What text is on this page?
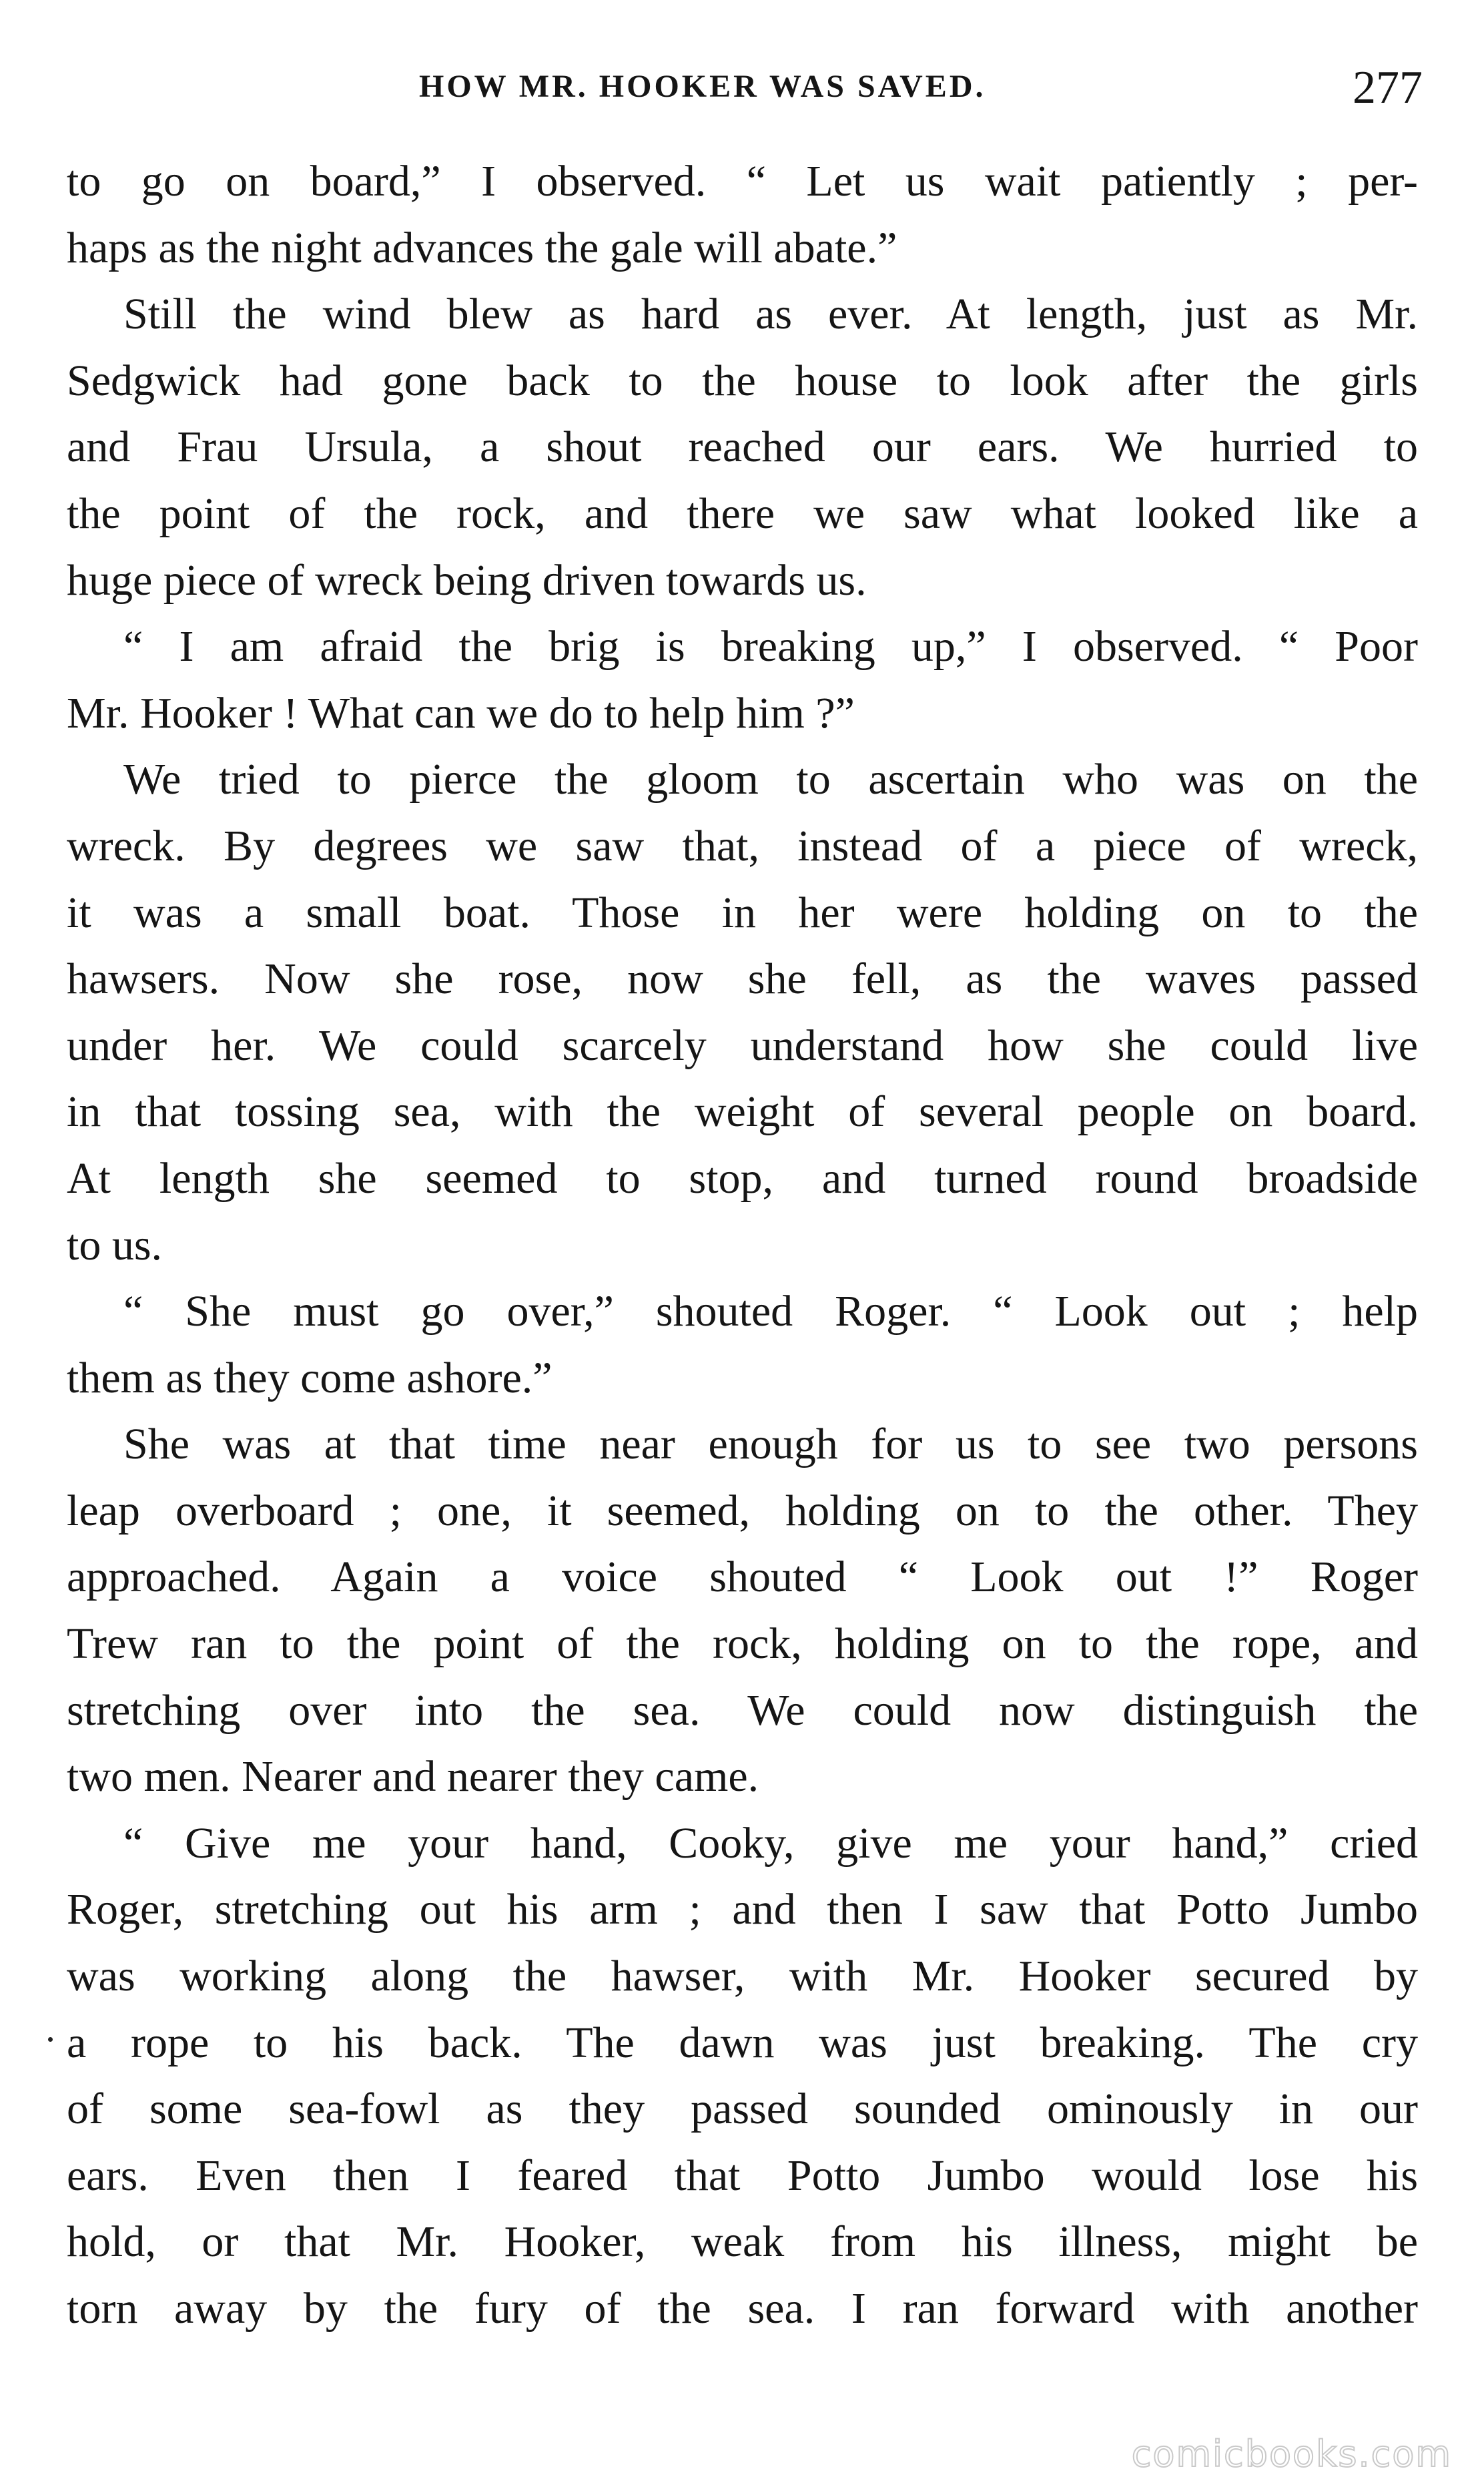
HOW MR. HOOKER WAS SAVED.	277
to go on board,” I observed. “ Let us wait patiently ; per-
haps as the night advances the gale will abate.”
Still the wind blew as hard as ever. At length, just as Mr.
Sedgwick had gone back to the house to look after the girls
and Frau Ursula, a shout reached our ears. We hurried to
the point of the rock, and there we saw what looked like a
huge piece of wreck being driven towards us.
“ I am afraid the brig is breaking up,” I observed. “ Poor
Mr. Hooker ! What can we do to help him ?”
We tried to pierce the gloom to ascertain who was on the
wreck. By degrees we saw that, instead of a piece of wreck,
it was a small boat. Those in her were holding on to the
hawsers. Now she rose, now she fell, as the waves passed
under her. We could scarcely understand how she could live
in that tossing sea, with the weight of several people on board.
At length she seemed to stop, and turned round broadside
to us.
“ She must go over,” shouted Roger. “ Look out ; help
them as they come ashore.”
She was at that time near enough for us to see two persons
leap overboard ; one, it seemed, holding on to the other. They
approached. Again a voice shouted “ Look out !” Roger
Trew ran to the point of the rock, holding on to the rope, and
stretching over into the sea. We could now distinguish the
two men. Nearer and nearer they came.
“ Give me your hand, Cooky, give me your hand,” cried
Roger, stretching out his arm ; and then I saw that Potto Jumbo
was working along the hawser, with Mr. Hooker secured by
a rope to his back. The dawn was just breaking. The cry
of some sea-fowl as they passed sounded ominously in our
ears. Even then I feared that Potto Jumbo would lose his
hold, or that Mr. Hooker, weak from his illness, might be
torn away by the fury of the sea. I ran forward with another
comicbooks.com
